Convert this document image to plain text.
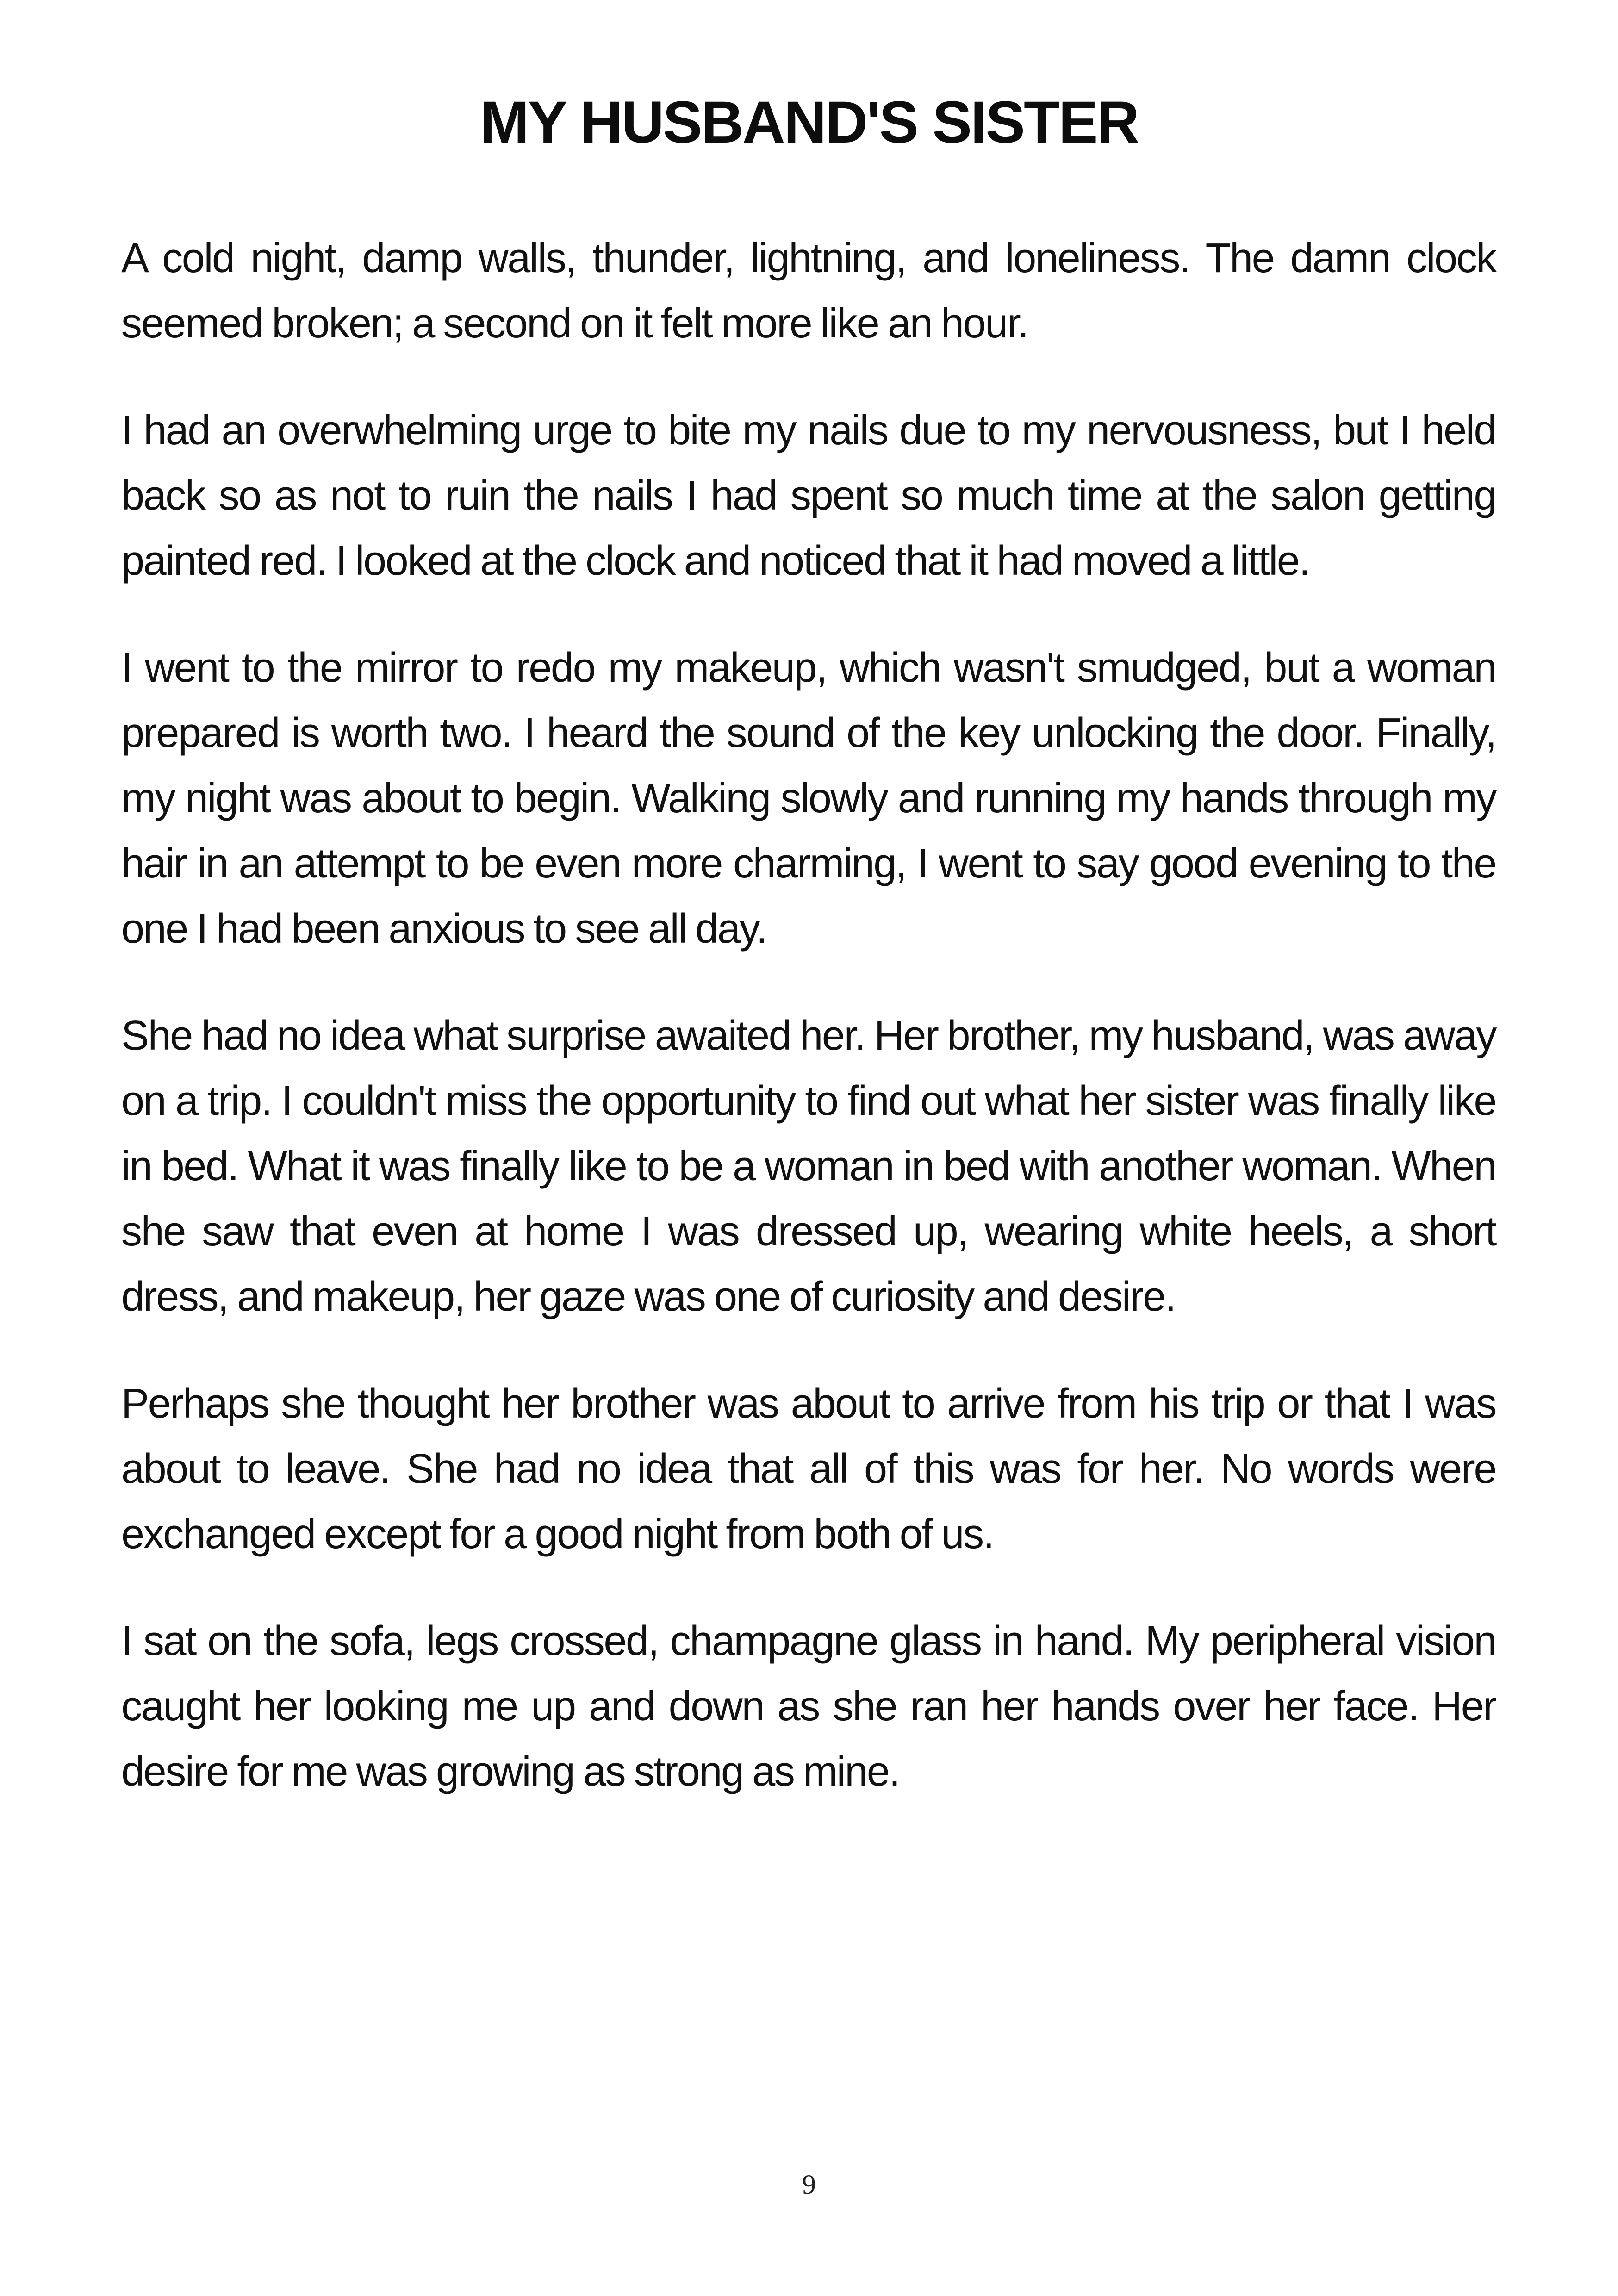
MY HUSBAND'S SISTER

A cold night, damp walls, thunder, lightning, and loneliness. The damn clock seemed broken; a second on it felt more like an hour.

I had an overwhelming urge to bite my nails due to my nervousness, but I held back so as not to ruin the nails I had spent so much time at the salon getting painted red. I looked at the clock and noticed that it had moved a little.

I went to the mirror to redo my makeup, which wasn't smudged, but a woman prepared is worth two. I heard the sound of the key unlocking the door. Finally, my night was about to begin. Walking slowly and running my hands through my hair in an attempt to be even more charming, I went to say good evening to the one I had been anxious to see all day.

She had no idea what surprise awaited her. Her brother, my husband, was away on a trip. I couldn't miss the opportunity to find out what her sister was finally like in bed. What it was finally like to be a woman in bed with another woman. When she saw that even at home I was dressed up, wearing white heels, a short dress, and makeup, her gaze was one of curiosity and desire.

Perhaps she thought her brother was about to arrive from his trip or that I was about to leave. She had no idea that all of this was for her. No words were exchanged except for a good night from both of us.

I sat on the sofa, legs crossed, champagne glass in hand. My peripheral vision caught her looking me up and down as she ran her hands over her face. Her desire for me was growing as strong as mine.

9
